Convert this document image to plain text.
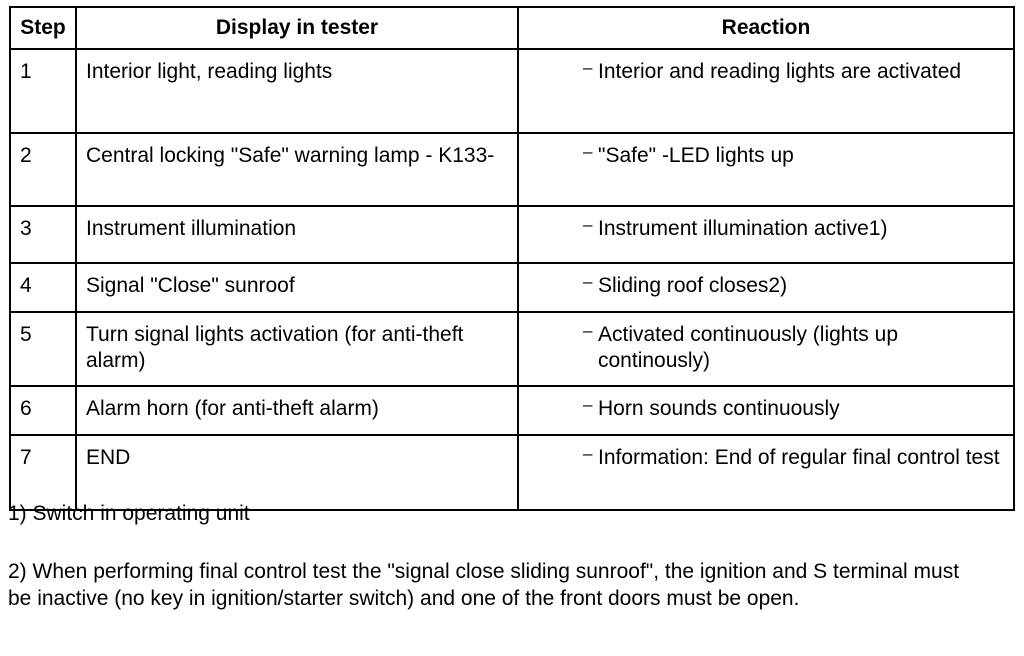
Step	Display in tester	Reaction
1	Interior light, reading lights	– Interior and reading lights are activated

2	Central locking "Safe" warning lamp - K133-	– "Safe" -LED lights up

3	Instrument illumination	– Instrument illumination active1)

4	Signal "Close" sunroof	– Sliding roof closes2)

5	Turn signal lights activation (for anti-theft alarm)	– Activated continuously (lights up continously)

6	Alarm horn (for anti-theft alarm)	– Horn sounds continuously

7	END	– Information: End of regular final control test
1) Switch in operating unit
2) When performing final control test the "signal close sliding sunroof", the ignition and S terminal must be inactive (no key in ignition/starter switch) and one of the front doors must be open.
